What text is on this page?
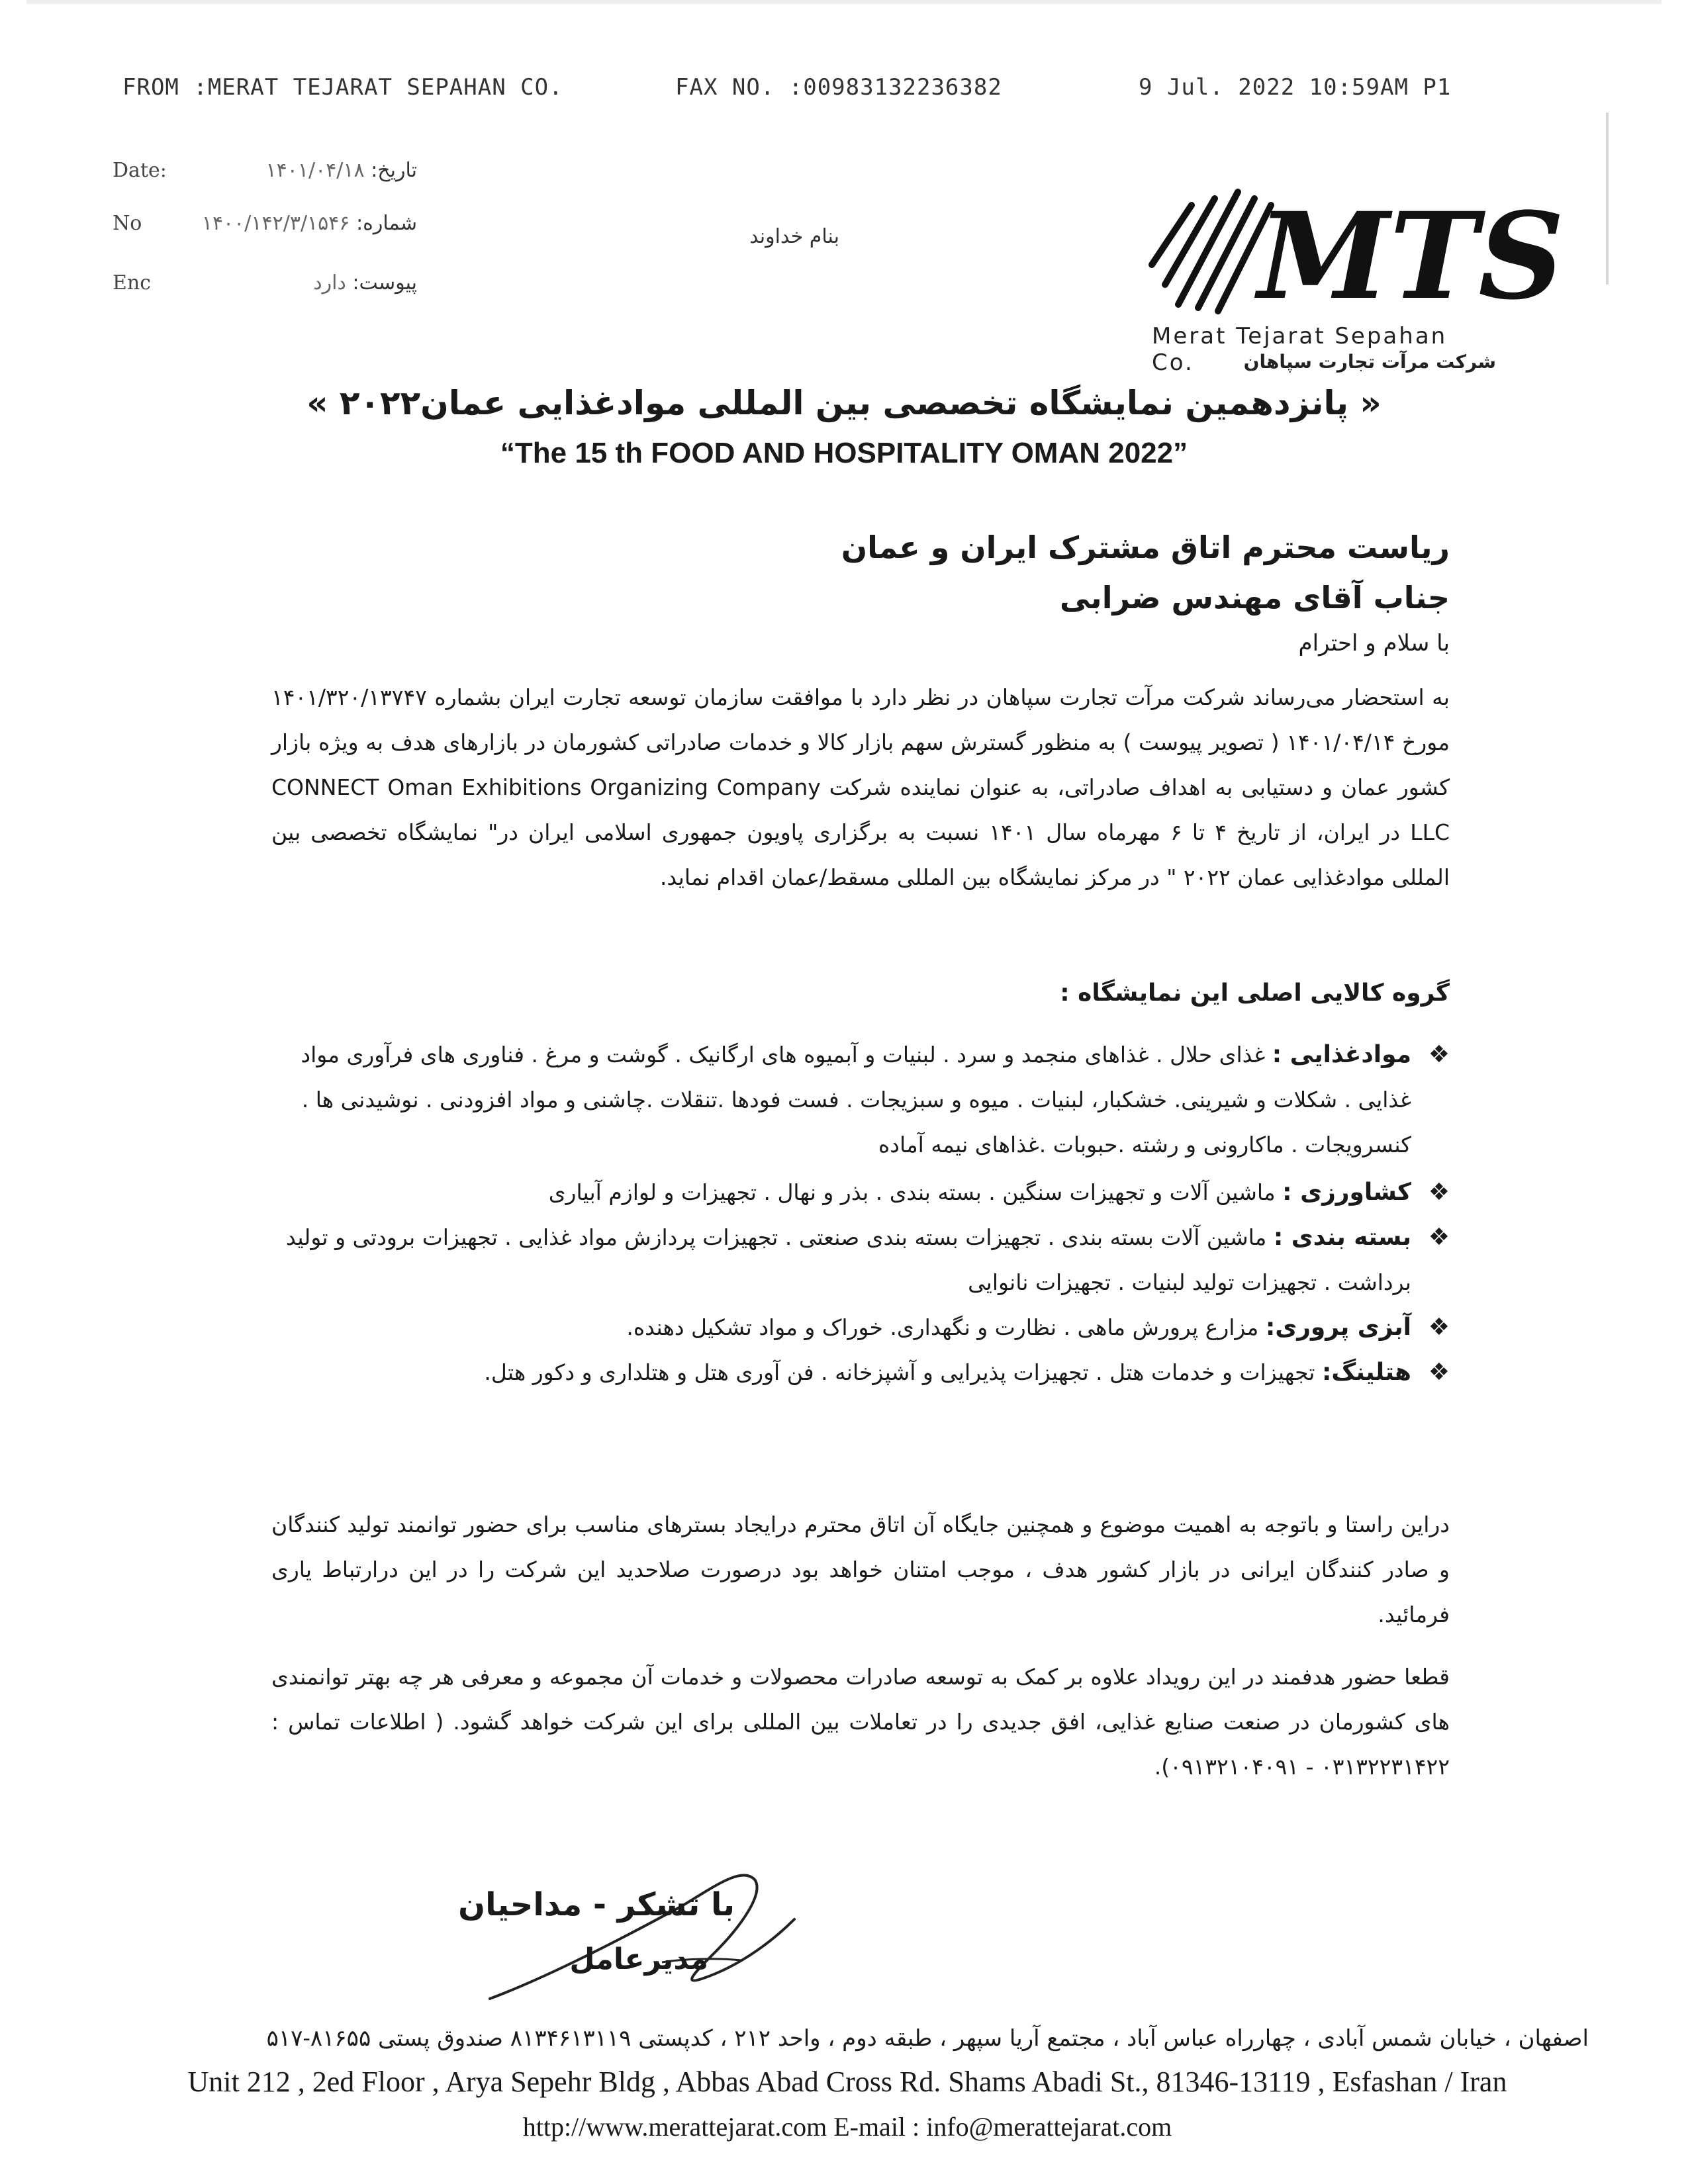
FROM :MERAT TEJARAT SEPAHAN CO.	FAX NO. :00983132236382	9 Jul. 2022 10:59AM P1
تاریخ: ۱۴۰۱/۰۴/۱۸
Date:
شماره: ۱۴۰۰/۱۴۲/۳/۱۵۴۶
No
پیوست: دارد
Enc
بنام خداوند	MTS
Merat Tejarat Sepahan Co.	شرکت مرآت تجارت سپاهان
« پانزدهمین نمایشگاه تخصصی بین المللی موادغذایی عمان۲۰۲۲ »
“The 15 th FOOD AND HOSPITALITY OMAN 2022”
ریاست محترم اتاق مشترک ایران و عمان
جناب آقای مهندس ضرابی
با سلام و احترام
به استحضار می‌رساند شرکت مرآت تجارت سپاهان در نظر دارد با موافقت سازمان توسعه تجارت ایران بشماره ۱۴۰۱/۳۲۰/۱۳۷۴۷ مورخ ۱۴۰۱/۰۴/۱۴ ( تصویر پیوست ) به منظور گسترش سهم بازار کالا و خدمات صادراتی کشورمان در بازارهای هدف به ویژه بازار کشور عمان و دستیابی به اهداف صادراتی، به عنوان نماینده شرکت CONNECT Oman Exhibitions Organizing Company LLC در ایران، از تاریخ ۴ تا ۶ مهرماه سال ۱۴۰۱ نسبت به برگزاری پاویون جمهوری اسلامی ایران در" نمایشگاه تخصصی بین المللی موادغذایی عمان ۲۰۲۲ " در مرکز نمایشگاه بین المللی مسقط/عمان اقدام نماید.
گروه کالایی اصلی این نمایشگاه :
❖
موادغذایی : غذای حلال . غذاهای منجمد و سرد . لبنیات و آبمیوه های ارگانیک . گوشت و مرغ . فناوری های فرآوری مواد غذایی . شکلات و شیرینی. خشکبار، لبنیات . میوه و سبزیجات . فست فودها .تنقلات .چاشنی و مواد افزودنی . نوشیدنی ها . کنسرویجات . ماکارونی و رشته .حبوبات .غذاهای نیمه آماده
❖
کشاورزی : ماشین آلات و تجهیزات سنگین . بسته بندی . بذر و نهال . تجهیزات و لوازم آبیاری
❖
بسته بندی : ماشین آلات بسته بندی . تجهیزات بسته بندی صنعتی . تجهیزات پردازش مواد غذایی . تجهیزات برودتی و تولید برداشت . تجهیزات تولید لبنیات . تجهیزات نانوایی
❖
آبزی پروری: مزارع پرورش ماهی . نظارت و نگهداری. خوراک و مواد تشکیل دهنده.
❖
هتلینگ: تجهیزات و خدمات هتل . تجهیزات پذیرایی و آشپزخانه . فن آوری هتل و هتلداری و دکور هتل.
دراین راستا و باتوجه به اهمیت موضوع و همچنین جایگاه آن اتاق محترم درایجاد بسترهای مناسب برای حضور توانمند تولید کنندگان و صادر کنندگان ایرانی در بازار کشور هدف ، موجب امتنان خواهد بود درصورت صلاحدید این شرکت را در این درارتباط یاری فرمائید.
قطعا حضور هدفمند در این رویداد علاوه بر کمک به توسعه صادرات محصولات و خدمات آن مجموعه و معرفی هر چه بهتر توانمندی های کشورمان در صنعت صنایع غذایی، افق جدیدی را در تعاملات بین المللی برای این شرکت خواهد گشود. ( اطلاعات تماس : ۰۳۱۳۲۲۳۱۴۲۲ - ۰۹۱۳۲۱۰۴۰۹۱).
با تشکر - مداحیان
مدیرعامل
اصفهان ، خیابان شمس آبادی ، چهارراه عباس آباد ، مجتمع آریا سپهر ، طبقه دوم ، واحد ۲۱۲ ، کدپستی ۸۱۳۴۶۱۳۱۱۹ صندوق پستی ۸۱۶۵۵-۵۱۷
Unit 212 , 2ed Floor , Arya Sepehr Bldg , Abbas Abad Cross Rd. Shams Abadi St., 81346-13119 , Esfashan / Iran
http://www.merattejarat.com E-mail : info@merattejarat.com
